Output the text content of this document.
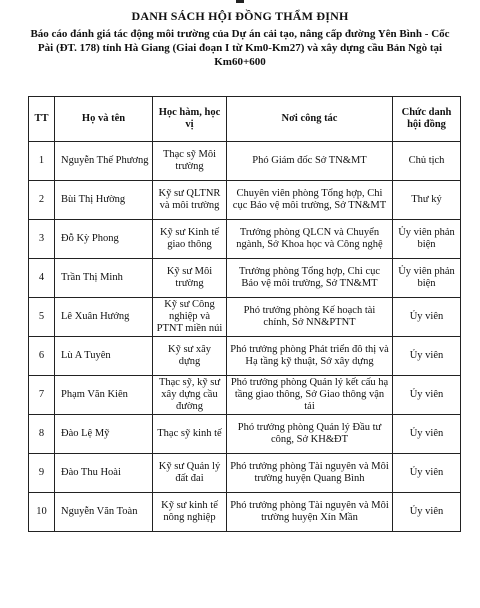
DANH SÁCH HỘI ĐỒNG THẨM ĐỊNH
Báo cáo đánh giá tác động môi trường của Dự án cải tạo, nâng cấp đường Yên Bình - Cốc Pài (ĐT. 178) tỉnh Hà Giang (Giai đoạn I từ Km0-Km27) và xây dựng cầu Bản Ngò tại Km60+600
TT	Họ và tên	Học hàm, học vị	Nơi công tác	Chức danh hội đồng
1	Nguyễn Thế Phương	Thạc sỹ Môi trường	Phó Giám đốc Sở TN&MT	Chủ tịch
2	Bùi Thị Hường	Kỹ sư QLTNR và môi trường	Chuyên viên phòng Tổng hợp, Chi cục Bảo vệ môi trường, Sở TN&MT	Thư ký
3	Đỗ Kỳ Phong	Kỹ sư Kinh tế giao thông	Trưởng phòng QLCN và Chuyển ngành, Sở Khoa học và Công nghệ	Ủy viên phản biện
4	Trần Thị Minh	Kỹ sư Môi trường	Trưởng phòng Tổng hợp, Chi cục Bảo vệ môi trường, Sở TN&MT	Ủy viên phản biện
5	Lê Xuân Hướng	Kỹ sư Công nghiệp và PTNT miền núi	Phó trưởng phòng Kế hoạch tài chính, Sở NN&PTNT	Ủy viên
6	Lù A Tuyên	Kỹ sư xây dựng	Phó trưởng phòng Phát triển đô thị và Hạ tầng kỹ thuật, Sở xây dựng	Ủy viên
7	Phạm Văn Kiên	Thạc sỹ, kỹ sư xây dựng cầu đường	Phó trưởng phòng Quản lý kết cấu hạ tầng giao thông, Sở Giao thông vận tải	Ủy viên
8	Đào Lệ Mỹ	Thạc sỹ kinh tế	Phó trưởng phòng Quản lý Đầu tư công, Sở KH&ĐT	Ủy viên
9	Đào Thu Hoài	Kỹ sư Quản lý đất đai	Phó trưởng phòng Tài nguyên và Môi trường huyện Quang Bình	Ủy viên
10	Nguyễn Văn Toàn	Kỹ sư kinh tế nông nghiệp	Phó trưởng phòng Tài nguyên và Môi trường huyện Xín Mần	Ủy viên
